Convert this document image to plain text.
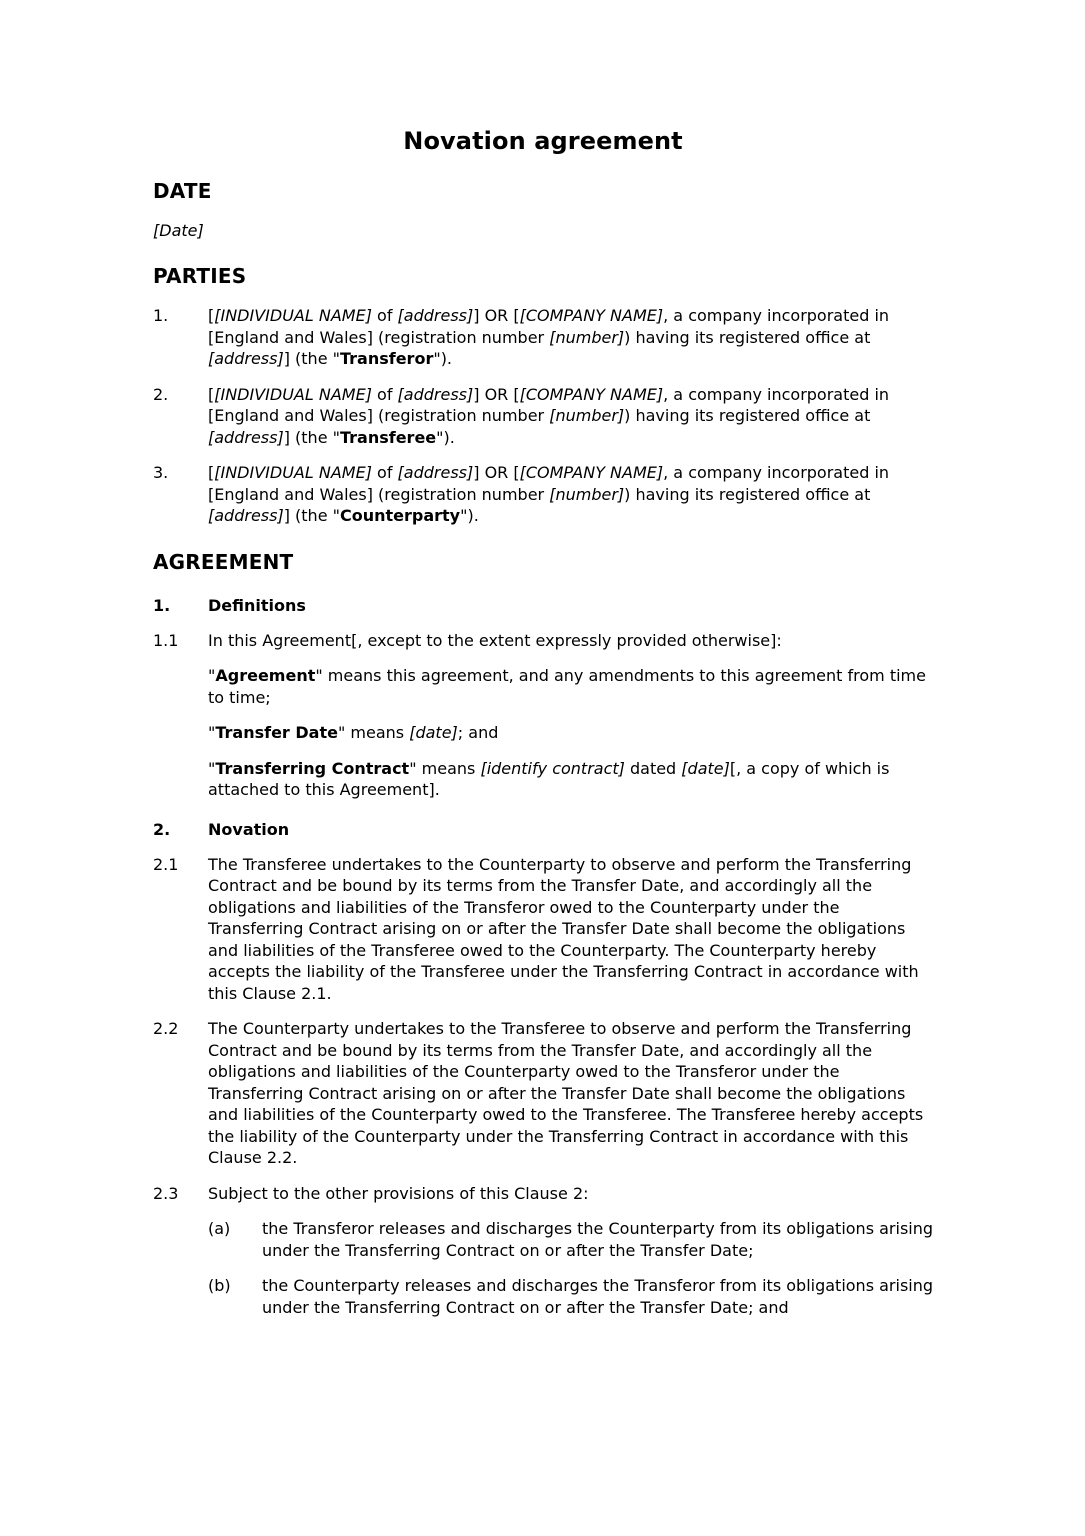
Novation agreement

DATE

[Date]

PARTIES

1.	[[INDIVIDUAL NAME] of [address]] OR [[COMPANY NAME], a company incorporated in [England and Wales] (registration number [number]) having its registered office at [address]] (the "Transferor").

2.	[[INDIVIDUAL NAME] of [address]] OR [[COMPANY NAME], a company incorporated in [England and Wales] (registration number [number]) having its registered office at [address]] (the "Transferee").

3.	[[INDIVIDUAL NAME] of [address]] OR [[COMPANY NAME], a company incorporated in [England and Wales] (registration number [number]) having its registered office at [address]] (the "Counterparty").

AGREEMENT

1.	Definitions

1.1	In this Agreement[, except to the extent expressly provided otherwise]:

"Agreement" means this agreement, and any amendments to this agreement from time to time;

"Transfer Date" means [date]; and

"Transferring Contract" means [identify contract] dated [date][, a copy of which is attached to this Agreement].

2.	Novation

2.1	The Transferee undertakes to the Counterparty to observe and perform the Transferring Contract and be bound by its terms from the Transfer Date, and accordingly all the obligations and liabilities of the Transferor owed to the Counterparty under the Transferring Contract arising on or after the Transfer Date shall become the obligations and liabilities of the Transferee owed to the Counterparty. The Counterparty hereby accepts the liability of the Transferee under the Transferring Contract in accordance with this Clause 2.1.

2.2	The Counterparty undertakes to the Transferee to observe and perform the Transferring Contract and be bound by its terms from the Transfer Date, and accordingly all the obligations and liabilities of the Counterparty owed to the Transferor under the Transferring Contract arising on or after the Transfer Date shall become the obligations and liabilities of the Counterparty owed to the Transferee. The Transferee hereby accepts the liability of the Counterparty under the Transferring Contract in accordance with this Clause 2.2.

2.3	Subject to the other provisions of this Clause 2:

(a)	the Transferor releases and discharges the Counterparty from its obligations arising under the Transferring Contract on or after the Transfer Date;

(b)	the Counterparty releases and discharges the Transferor from its obligations arising under the Transferring Contract on or after the Transfer Date; and
